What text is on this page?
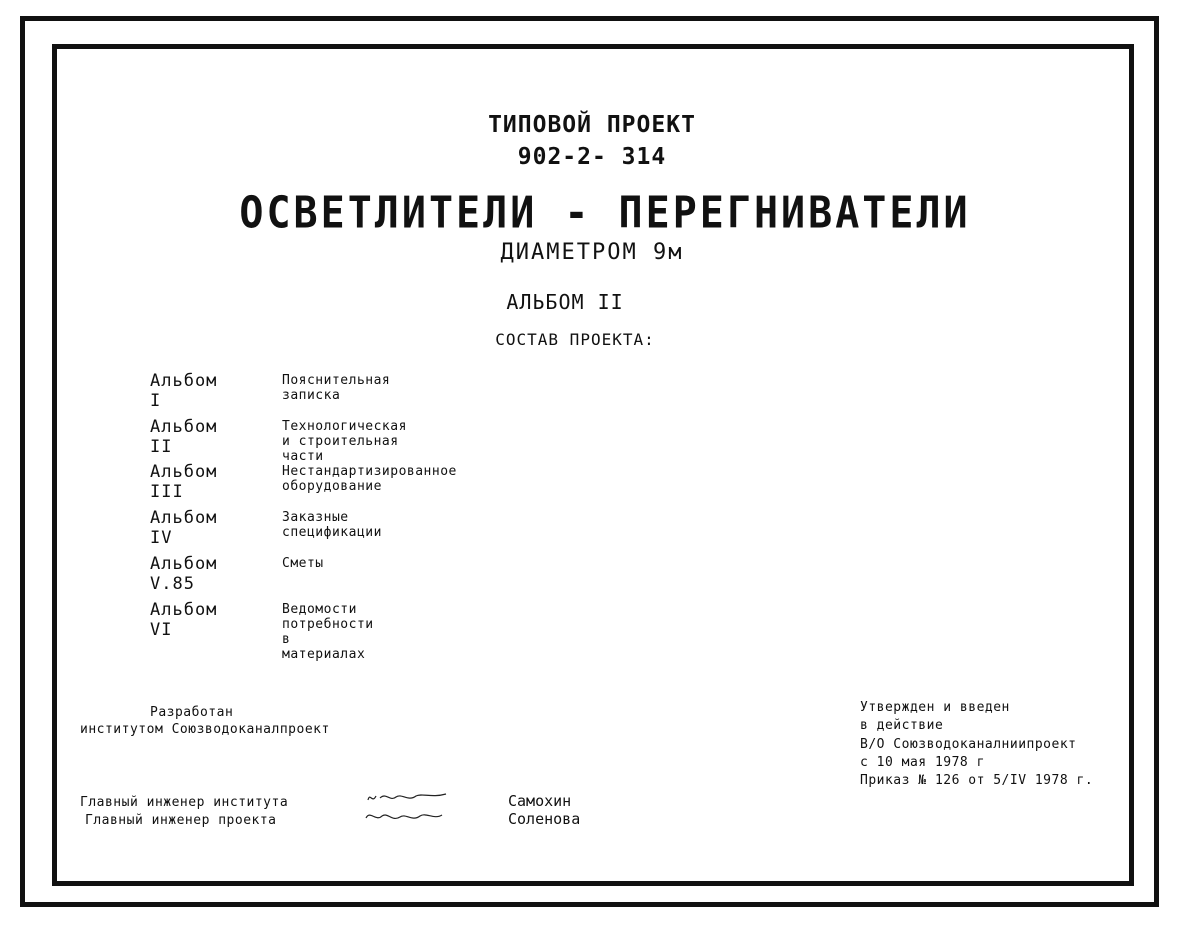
ТИПОВОЙ ПРОЕКТ
902-2- 314
ОСВЕТЛИТЕЛИ - ПЕРЕГНИВАТЕЛИ
ДИАМЕТРОМ 9м
АЛЬБОМ II
СОСТАВ ПРОЕКТА:
Альбом I
Пояснительная записка
Альбом II
Технологическая и строительная части
Альбом III
Нестандартизированное оборудование
Альбом IV
Заказные спецификации
Альбом V.85
Сметы
Альбом VI
Ведомости потребности в материалах
Разработан
институтом Союзводоканалпроект
Утвержден и введен
в действие
В/О Союзводоканалниипроект
с 10 мая 1978 г
Приказ № 126 от 5/IV 1978 г.
Главный инженер института
Главный инженер проекта
Самохин
Соленова
